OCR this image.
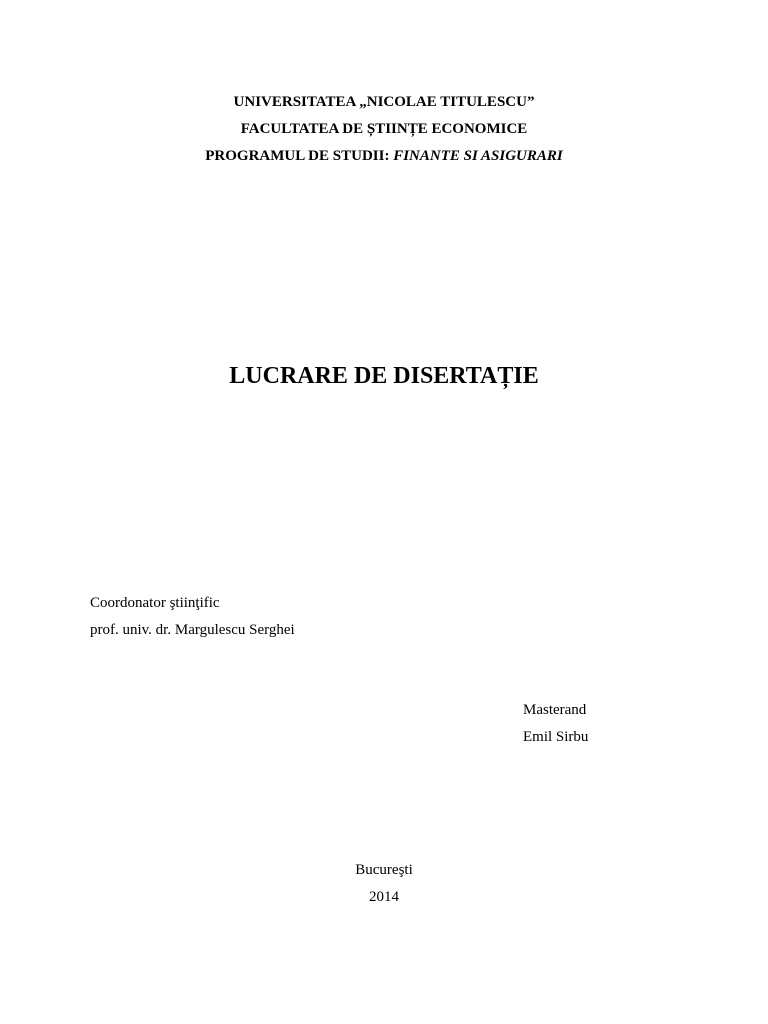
UNIVERSITATEA „NICOLAE TITULESCU”
FACULTATEA DE ȘTIINȚE ECONOMICE
PROGRAMUL DE STUDII: FINANTE SI ASIGURARI
LUCRARE DE DISERTAȚIE
Coordonator ştiinţific
prof. univ. dr. Margulescu Serghei
Masterand
Emil Sirbu
Bucureşti
2014
